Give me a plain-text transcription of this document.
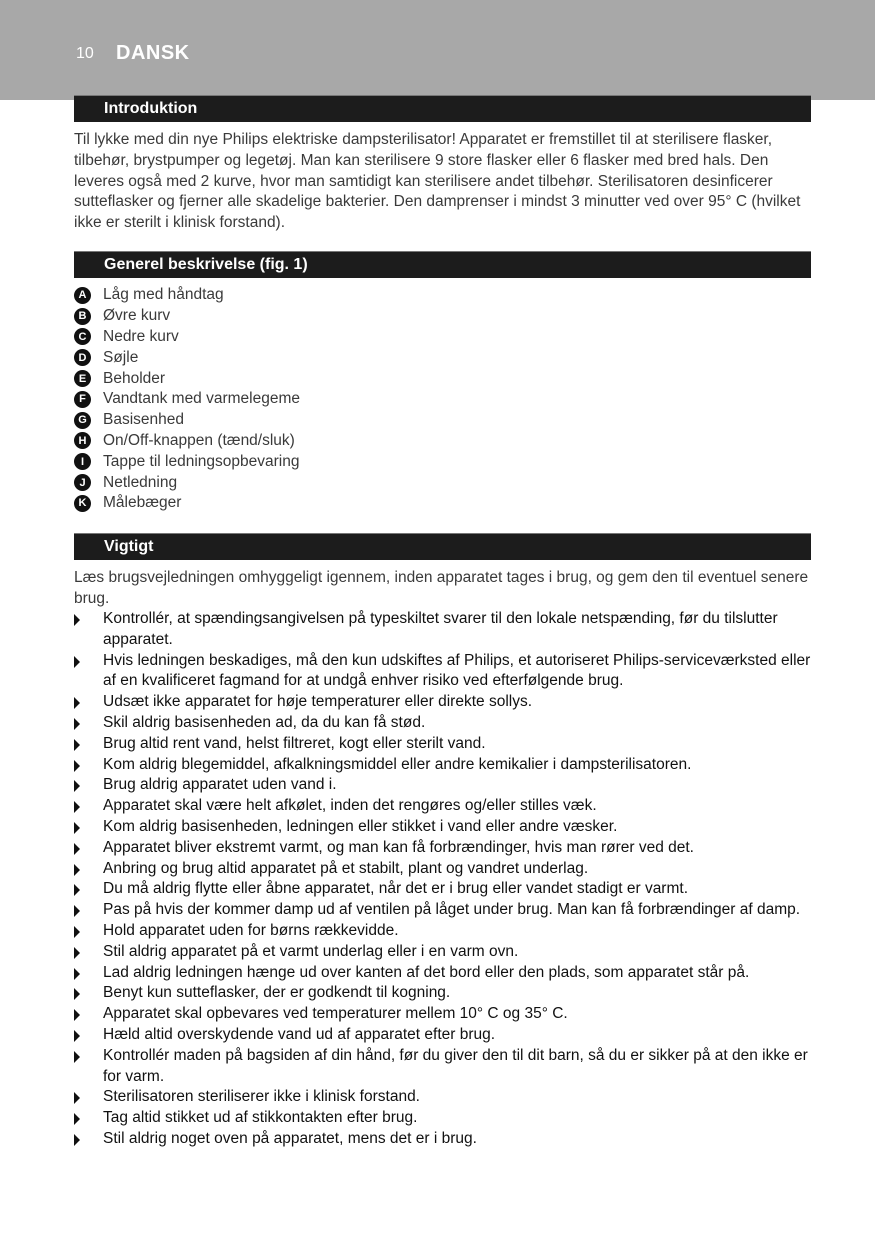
10 DANSK
Introduktion

Til lykke med din nye Philips elektriske dampsterilisator! Apparatet er fremstillet til at sterilisere flasker, tilbehør, brystpumper og legetøj. Man kan sterilisere 9 store flasker eller 6 flasker med bred hals. Den leveres også med 2 kurve, hvor man samtidigt kan sterilisere andet tilbehør. Sterilisatoren desinficerer sutteflasker og fjerner alle skadelige bakterier. Den damprenser i mindst 3 minutter ved over 95° C (hvilket ikke er sterilt i klinisk forstand).

Generel beskrivelse (fig. 1)
A Låg med håndtag
B Øvre kurv
C Nedre kurv
D Søjle
E	Beholder
F	Vandtank med varmelegeme
G Basisenhed
H On/Off-knappen (tænd/sluk)
I	Tappe til ledningsopbevaring
J	Netledning
K Målebæger
Vigtigt

Læs brugsvejledningen omhyggeligt igennem, inden apparatet tages i brug, og gem den til eventuel senere brug.

Kontrollér, at spændingsangivelsen på typeskiltet svarer til den lokale netspænding, før du tilslutter apparatet.
Hvis ledningen beskadiges, må den kun udskiftes af Philips, et autoriseret Philips-serviceværksted eller af en kvalificeret fagmand for at undgå enhver risiko ved efterfølgende brug.
Udsæt ikke apparatet for høje temperaturer eller direkte sollys.
Skil aldrig basisenheden ad, da du kan få stød.
Brug altid rent vand, helst filtreret, kogt eller sterilt vand.
Kom aldrig blegemiddel, afkalkningsmiddel eller andre kemikalier i dampsterilisatoren.
Brug aldrig apparatet uden vand i.
Apparatet skal være helt afkølet, inden det rengøres og/eller stilles væk.
Kom aldrig basisenheden, ledningen eller stikket i vand eller andre væsker.
Apparatet bliver ekstremt varmt, og man kan få forbrændinger, hvis man rører ved det.
Anbring og brug altid apparatet på et stabilt, plant og vandret underlag.
Du må aldrig flytte eller åbne apparatet, når det er i brug eller vandet stadigt er varmt.
Pas på hvis der kommer damp ud af ventilen på låget under brug. Man kan få forbrændinger af damp.
Hold apparatet uden for børns rækkevidde.
Stil aldrig apparatet på et varmt underlag eller i en varm ovn.
Lad aldrig ledningen hænge ud over kanten af det bord eller den plads, som apparatet står på.
Benyt kun sutteflasker, der er godkendt til kogning.
Apparatet skal opbevares ved temperaturer mellem 10° C og 35° C.
Hæld altid overskydende vand ud af apparatet efter brug.
Kontrollér maden på bagsiden af din hånd, før du giver den til dit barn, så du er sikker på at den ikke er for varm.
Sterilisatoren steriliserer ikke i klinisk forstand.
Tag altid stikket ud af stikkontakten efter brug.
Stil aldrig noget oven på apparatet, mens det er i brug.
